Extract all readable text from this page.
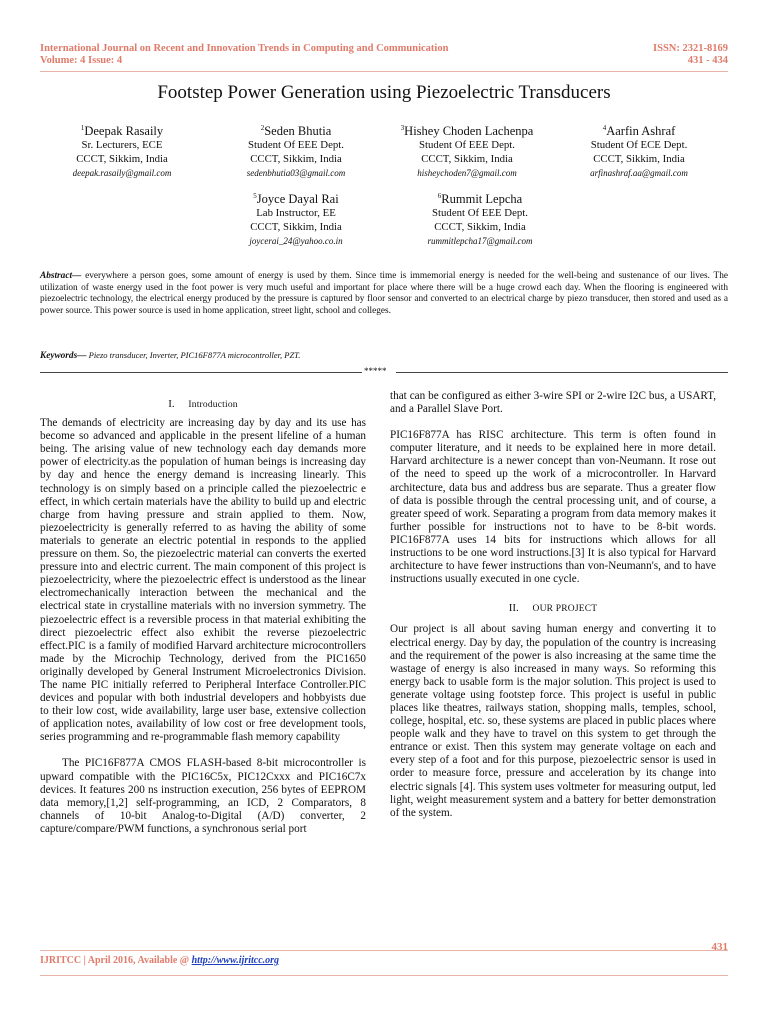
International Journal on Recent and Innovation Trends in Computing and Communication
Volume: 4 Issue: 4
ISSN: 2321-8169
431 - 434
Footstep Power Generation using Piezoelectric Transducers
$^1$Deepak Rasaily
Sr. Lecturers, ECE
CCCT, Sikkim, India
deepak.rasaily@gmail.com
$^2$Seden Bhutia
Student Of EEE Dept.
CCCT, Sikkim, India
sedenbhutia03@gmail.com
$^3$Hishey Choden Lachenpa
Student Of EEE Dept.
CCCT, Sikkim, India
hisheychoden7@gmail.com
$^4$Aarfin Ashraf
Student Of ECE Dept.
CCCT, Sikkim, India
arfinashraf.aa@gmail.com
$^5$Joyce Dayal Rai
Lab Instructor, EE
CCCT, Sikkim, India
joycerai_24@yahoo.co.in
$^6$Rummit Lepcha
Student Of EEE Dept.
CCCT, Sikkim, India
rummitlepcha17@gmail.com
Abstract— everywhere a person goes, some amount of energy is used by them. Since time is immemorial energy is needed for the well-being and sustenance of our lives. The utilization of waste energy used in the foot power is very much useful and important for place where there will be a huge crowd each day. When the flooring is engineered with piezoelectric technology, the electrical energy produced by the pressure is captured by floor sensor and converted to an electrical charge by piezo transducer, then stored and used as a power source. This power source is used in home application, street light, school and colleges.
Keywords— Piezo transducer, Inverter, PIC16F877A microcontroller, PZT.
*****
I. Introduction

The demands of electricity are increasing day by day and its use has become so advanced and applicable in the present lifeline of a human being. The arising value of new technology each day demands more power of electricity.as the population of human beings is increasing day by day and hence the energy demand is increasing linearly. This technology is on simply based on a principle called the piezoelectric e effect, in which certain materials have the ability to build up and electric charge from having pressure and strain applied to them. Now, piezoelectricity is generally referred to as having the ability of some materials to generate an electric potential in responds to the applied pressure on them. So, the piezoelectric material can converts the exerted pressure into and electric current. The main component of this project is piezoelectricity, where the piezoelectric effect is understood as the linear electromechanically interaction between the mechanical and the electrical state in crystalline materials with no inversion symmetry. The piezoelectric effect is a reversible process in that material exhibiting the direct piezoelectric effect also exhibit the reverse piezoelectric effect.PIC is a family of modified Harvard architecture microcontrollers made by the Microchip Technology, derived from the PIC1650 originally developed by General Instrument Microelectronics Division. The name PIC initially referred to Peripheral Interface Controller.PIC devices and popular with both industrial developers and hobbyists due to their low cost, wide availability, large user base, extensive collection of application notes, availability of low cost or free development tools, series programming and re-programmable flash memory capability

The PIC16F877A CMOS FLASH-based 8-bit microcontroller is upward compatible with the PIC16C5x, PIC12Cxxx and PIC16C7x devices. It features 200 ns instruction execution, 256 bytes of EEPROM data memory,[1,2] self-programming, an ICD, 2 Comparators, 8 channels of 10-bit Analog-to-Digital (A/D) converter, 2 capture/compare/PWM functions, a synchronous serial port

that can be configured as either 3-wire SPI or 2-wire I2C bus, a USART, and a Parallel Slave Port.

PIC16F877A has RISC architecture. This term is often found in computer literature, and it needs to be explained here in more detail. Harvard architecture is a newer concept than von-Neumann. It rose out of the need to speed up the work of a microcontroller. In Harvard architecture, data bus and address bus are separate. Thus a greater flow of data is possible through the central processing unit, and of course, a greater speed of work. Separating a program from data memory makes it further possible for instructions not to have to be 8-bit words. PIC16F877A uses 14 bits for instructions which allows for all instructions to be one word instructions.[3] It is also typical for Harvard architecture to have fewer instructions than von-Neumann's, and to have instructions usually executed in one cycle.

II. OUR PROJECT

Our project is all about saving human energy and converting it to electrical energy. Day by day, the population of the country is increasing and the requirement of the power is also increasing at the same time the wastage of energy is also increased in many ways. So reforming this energy back to usable form is the major solution. This project is used to generate voltage using footstep force. This project is useful in public places like theatres, railways station, shopping malls, temples, school, college, hospital, etc. so, these systems are placed in public places where people walk and they have to travel on this system to get through the entrance or exist. Then this system may generate voltage on each and every step of a foot and for this purpose, piezoelectric sensor is used in order to measure force, pressure and acceleration by its change into electric signals [4]. This system uses voltmeter for measuring output, led light, weight measurement system and a battery for better demonstration of the system.

431
IJRITCC | April 2016, Available @ http://www.ijritcc.org
